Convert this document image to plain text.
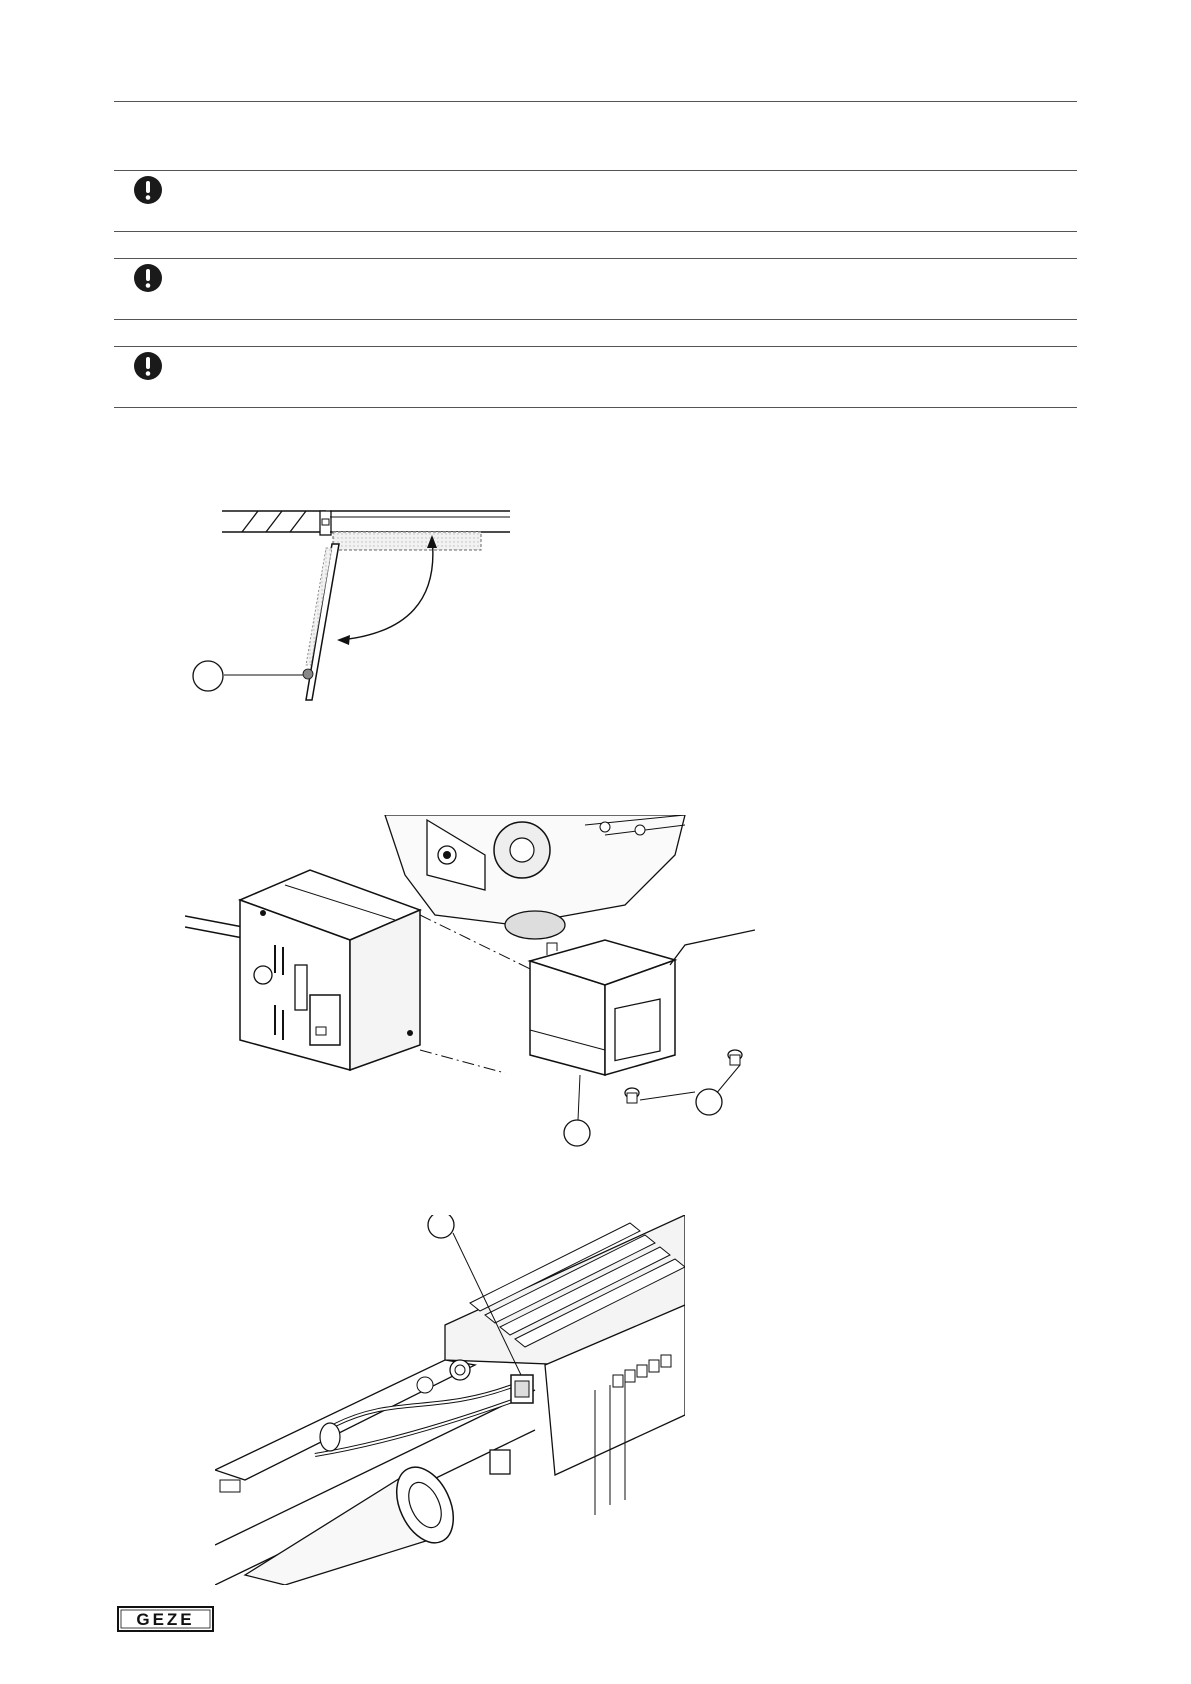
GEZE
